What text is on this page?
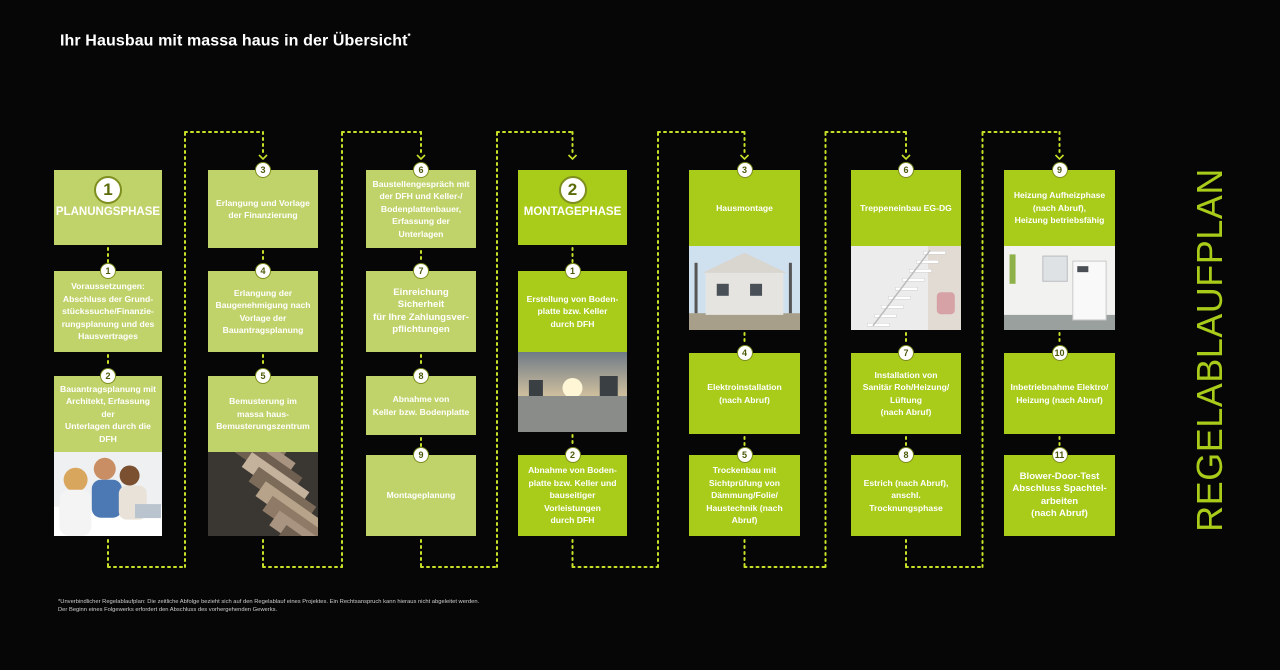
Ihr Hausbau mit massa haus in der Übersicht*
PLANUNGSPHASE
1
Voraussetzungen:
Abschluss der Grund-
stückssuche/Finanzie-
rungsplanung und des
Hausvertrages
1
Bauantragsplanung mit
Architekt, Erfassung der
Unterlagen durch die DFH
2
Erlangung und Vorlage
der Finanzierung
3
Erlangung der
Baugenehmigung nach
Vorlage der
Bauantragsplanung
4
Bemusterung im
massa haus-
Bemusterungszentrum
5
Baustellengespräch mit
der DFH und Keller-/
Bodenplattenbauer,
Erfassung der Unterlagen
6
Einreichung Sicherheit
für Ihre Zahlungsver-
pflichtungen
7
Abnahme von
Keller bzw. Bodenplatte
8
Montageplanung
9
MONTAGEPHASE
2
Erstellung von Boden-
platte bzw. Keller
durch DFH
1
Abnahme von Boden-
platte bzw. Keller und
bauseitiger Vorleistungen
durch DFH
2
Hausmontage
3
Elektroinstallation
(nach Abruf)
4
Trockenbau mit
Sichtprüfung von
Dämmung/Folie/
Haustechnik (nach Abruf)
5
Treppeneinbau EG-DG
6
Installation von
Sanitär Roh/Heizung/
Lüftung
(nach Abruf)
7
Estrich (nach Abruf),
anschl. Trocknungsphase
8
Heizung Aufheizphase
(nach Abruf),
Heizung betriebsfähig
9
Inbetriebnahme Elektro/
Heizung (nach Abruf)
10
Blower-Door-Test
Abschluss Spachtel-
arbeiten
(nach Abruf)
11	REGELABLAUFPLAN
*Unverbindlicher Regelablaufplan: Die zeitliche Abfolge bezieht sich auf den Regelablauf eines Projektes. Ein Rechtsanspruch kann hieraus nicht abgeleitet werden.
Der Beginn eines Folgewerks erfordert den Abschluss des vorhergehenden Gewerks.
